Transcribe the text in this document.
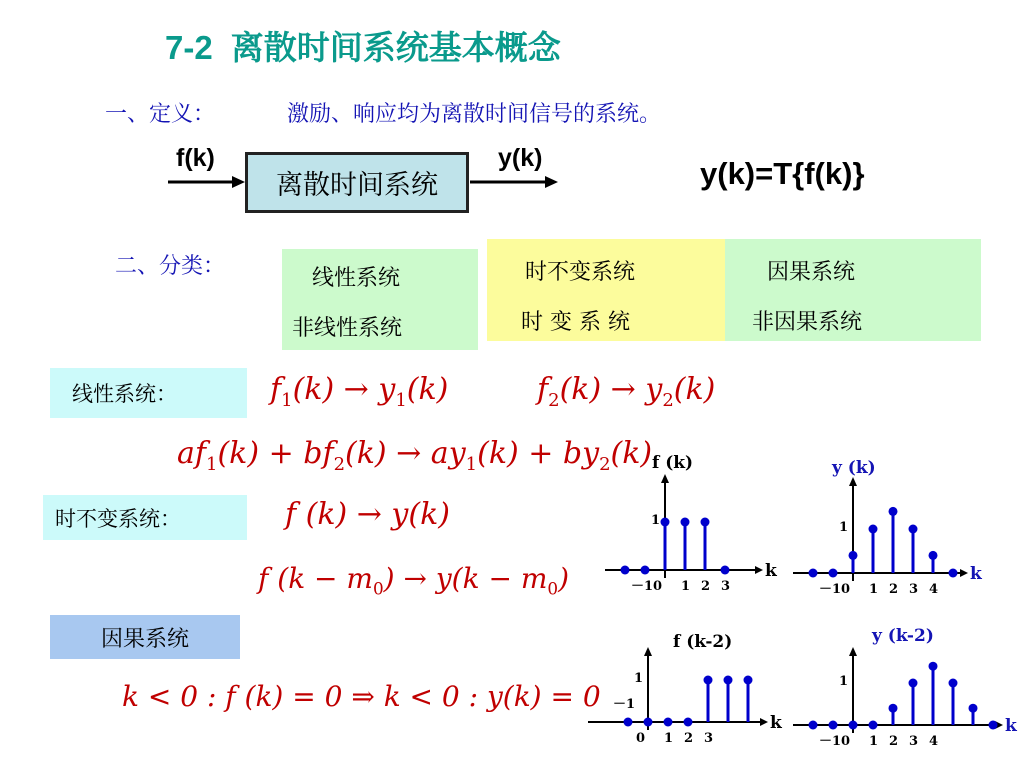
7-2 离散时间系统基本概念
一、定义：	激励、响应均为离散时间信号的系统。
f(k)	y(k)
离散时间系统	y(k)=T{f(k)}
二、分类：	线性系统
非线性系统
时不变系统
时 变 系 统
因果系统
非因果系统
线性系统：	$f_1(k) \to y_1(k)$	$f_2(k) \to y_2(k)$
$af_1(k) + bf_2(k) \to ay_1(k) + by_2(k)$
时不变系统：	f (k) → y(k)
f $(k - m_0) \to y(k - m_0)$
因果系统
k < 0 : f (k) = 0 ⇒ k < 0 : y(k) = 0
f (k)
k
1
－1 0 1 2 3
y (k)
k
1
－1 0 1 2 3 4
f (k-2)
k
1
－1
0 1 2 3
y (k-2)
k
1
－1 0 1 2 3 4
